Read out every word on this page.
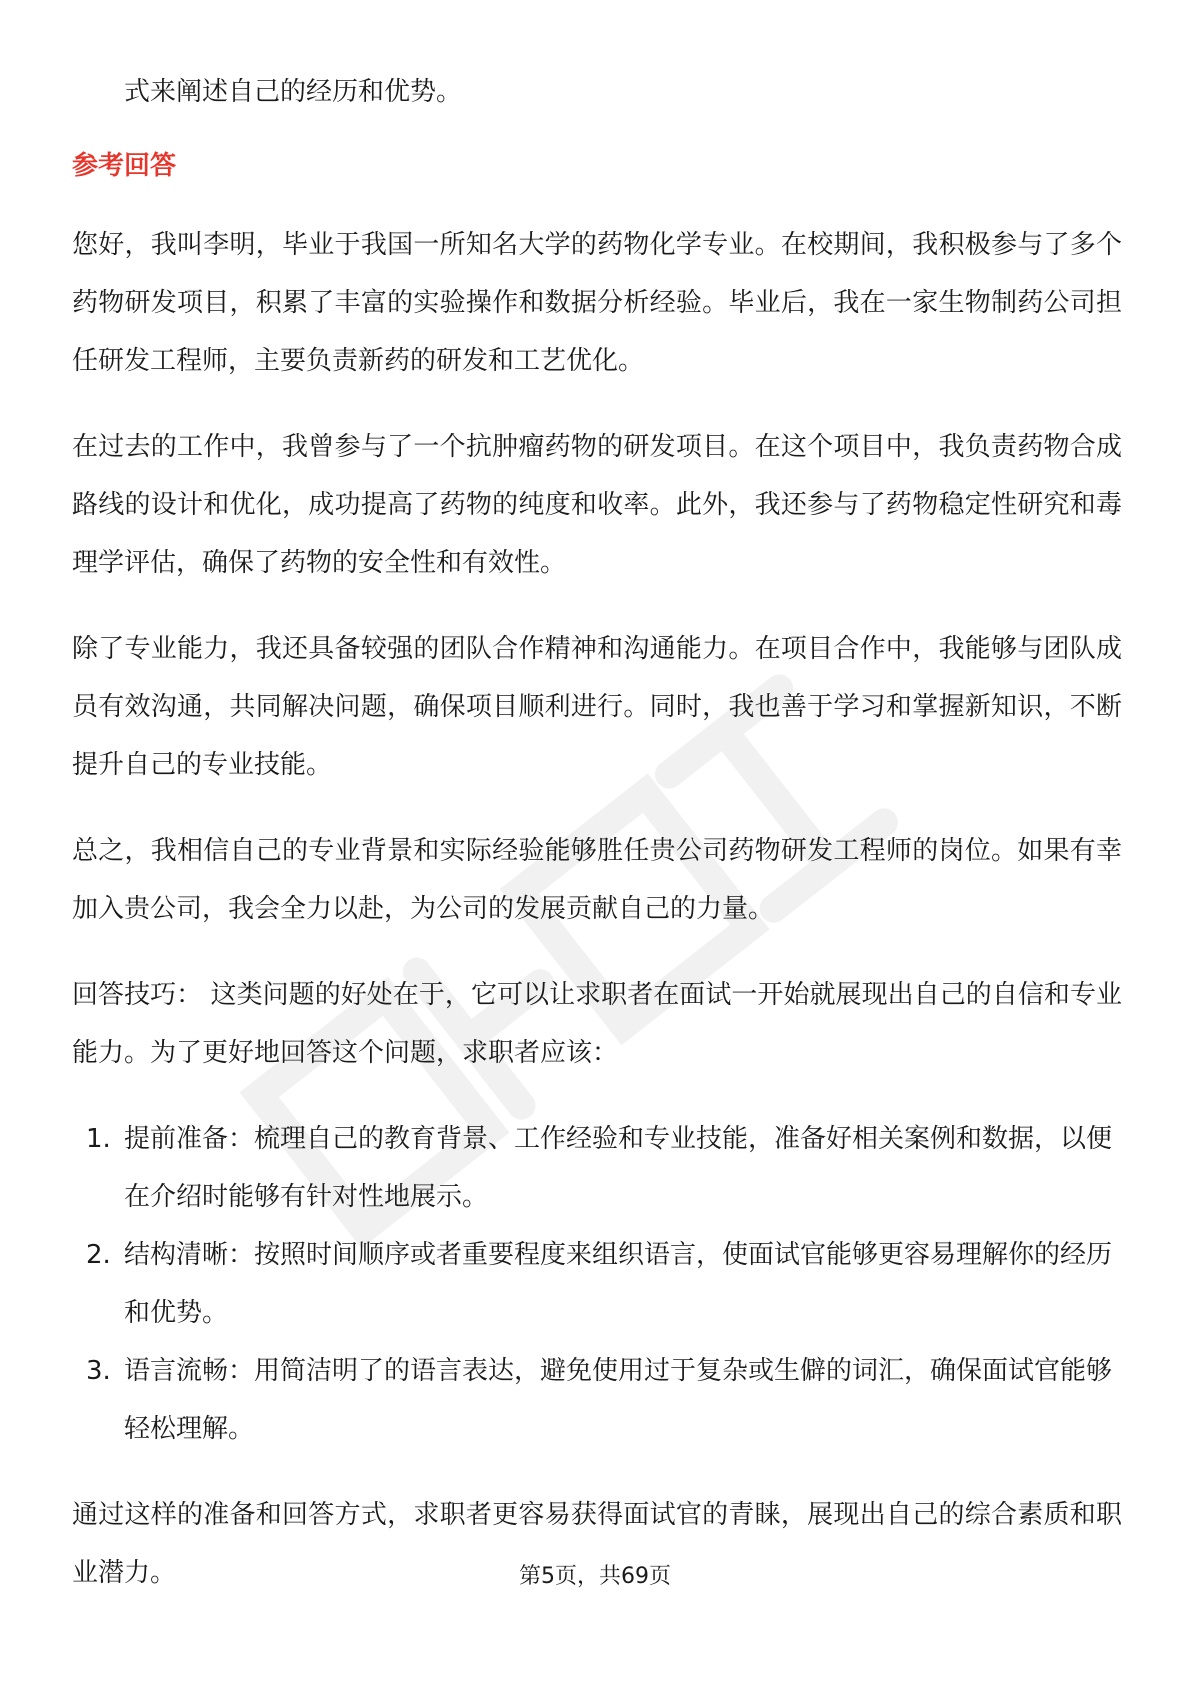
式来阐述自己的经历和优势。

参考回答

您好，我叫李明，毕业于我国一所知名大学的药物化学专业。在校期间，我积极参与了多个药物研发项目，积累了丰富的实验操作和数据分析经验。毕业后，我在一家生物制药公司担任研发工程师，主要负责新药的研发和工艺优化。

在过去的工作中，我曾参与了一个抗肿瘤药物的研发项目。在这个项目中，我负责药物合成路线的设计和优化，成功提高了药物的纯度和收率。此外，我还参与了药物稳定性研究和毒理学评估，确保了药物的安全性和有效性。

除了专业能力，我还具备较强的团队合作精神和沟通能力。在项目合作中，我能够与团队成员有效沟通，共同解决问题，确保项目顺利进行。同时，我也善于学习和掌握新知识，不断提升自己的专业技能。

总之，我相信自己的专业背景和实际经验能够胜任贵公司药物研发工程师的岗位。如果有幸加入贵公司，我会全力以赴，为公司的发展贡献自己的力量。

回答技巧： 这类问题的好处在于，它可以让求职者在面试一开始就展现出自己的自信和专业能力。为了更好地回答这个问题，求职者应该：

1. 提前准备：梳理自己的教育背景、工作经验和专业技能，准备好相关案例和数据，以便在介绍时能够有针对性地展示。
2. 结构清晰：按照时间顺序或者重要程度来组织语言，使面试官能够更容易理解你的经历和优势。
3. 语言流畅：用简洁明了的语言表达，避免使用过于复杂或生僻的词汇，确保面试官能够轻松理解。

通过这样的准备和回答方式，求职者更容易获得面试官的青睐，展现出自己的综合素质和职业潜力。	第5页，共69页
